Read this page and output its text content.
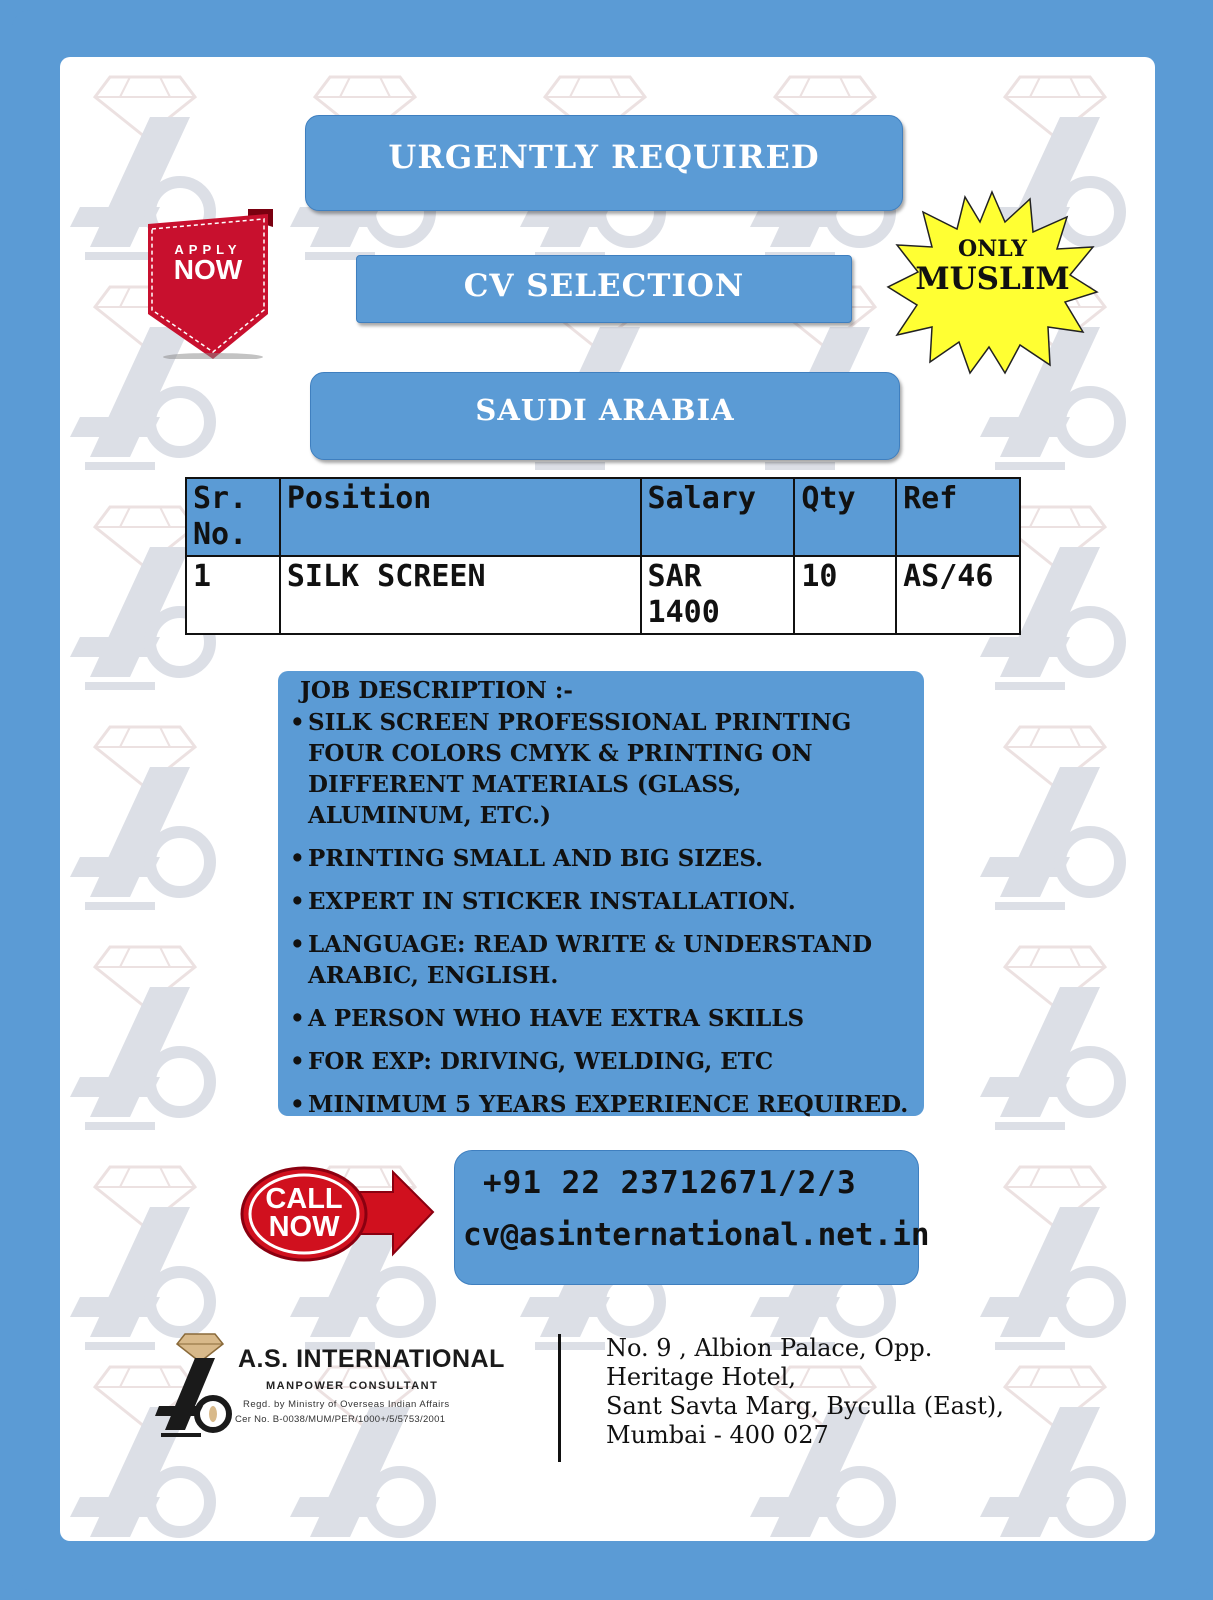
URGENTLY REQUIRED
CV SELECTION
SAUDI ARABIA
APPLY
NOW
ONLY
MUSLIM
Sr. No.	Position	Salary	Qty	Ref
1	SILK SCREEN	SAR 1400	10	AS/46
JOB DESCRIPTION :-
• SILK SCREEN PROFESSIONAL PRINTING FOUR COLORS CMYK & PRINTING ON DIFFERENT MATERIALS (GLASS, ALUMINUM, ETC.)
• PRINTING SMALL AND BIG SIZES.
• EXPERT IN STICKER INSTALLATION.
• LANGUAGE: READ WRITE & UNDERSTAND ARABIC, ENGLISH.
• A PERSON WHO HAVE EXTRA SKILLS
• FOR EXP: DRIVING, WELDING, ETC
• MINIMUM 5 YEARS EXPERIENCE REQUIRED.
CALL
NOW
+91 22 23712671/2/3
cv@asinternational.net.in
A.S. INTERNATIONAL
MANPOWER CONSULTANT
Regd. by Ministry of Overseas Indian Affairs
Cer No. B-0038/MUM/PER/1000+/5/5753/2001
No. 9 , Albion Palace, Opp.
Heritage Hotel,
Sant Savta Marg, Byculla (East),
Mumbai - 400 027
